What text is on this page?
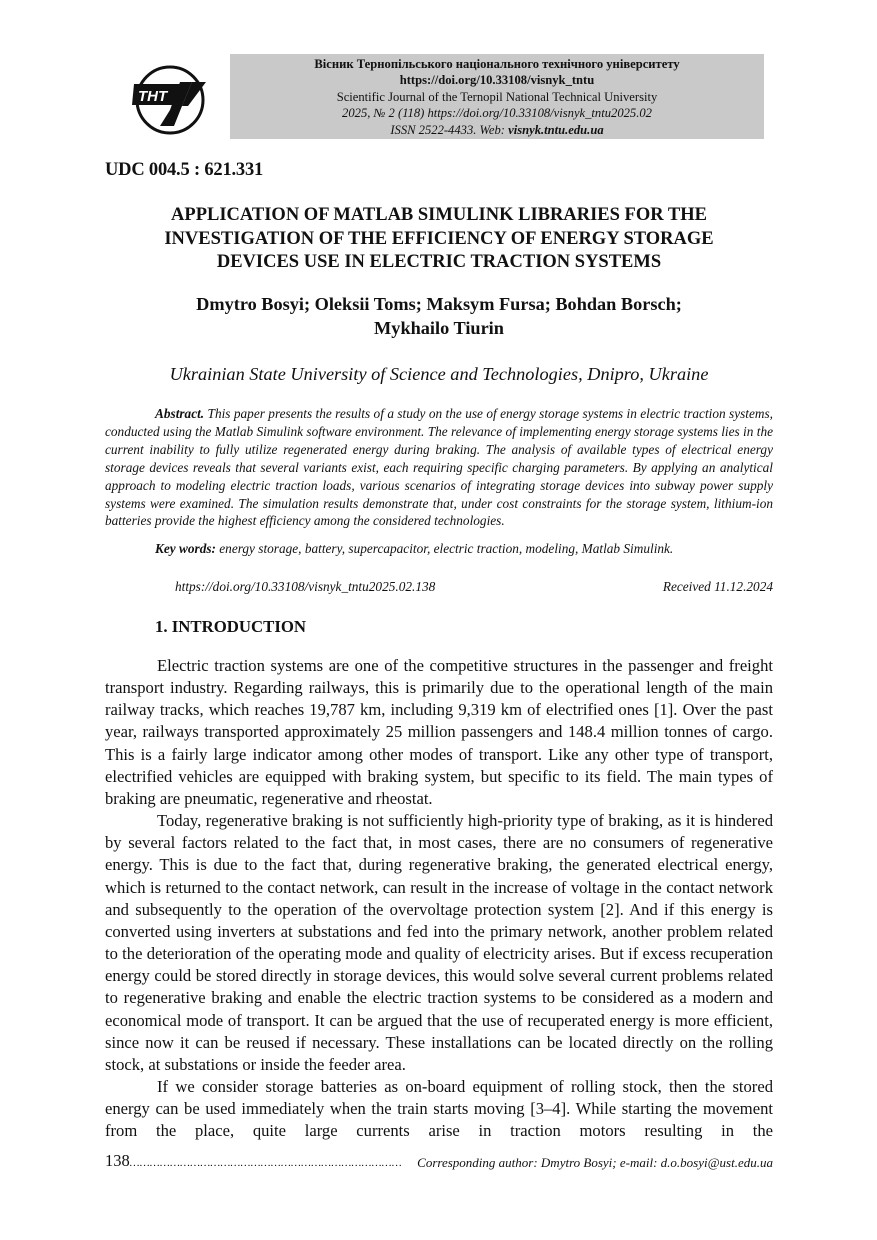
THT
Вісник Тернопільського національного технічного університету
https://doi.org/10.33108/visnyk_tntu
Scientific Journal of the Ternopil National Technical University
2025, № 2 (118) https://doi.org/10.33108/visnyk_tntu2025.02
ISSN 2522-4433. Web: visnyk.tntu.edu.ua
UDC 004.5 : 621.331
APPLICATION OF MATLAB SIMULINK LIBRARIES FOR THE
INVESTIGATION OF THE EFFICIENCY OF ENERGY STORAGE
DEVICES USE IN ELECTRIC TRACTION SYSTEMS
Dmytro Bosyi; Oleksii Toms; Maksym Fursa; Bohdan Borsch;
Mykhailo Tiurin
Ukrainian State University of Science and Technologies, Dnipro, Ukraine
Abstract. This paper presents the results of a study on the use of energy storage systems in electric traction systems, conducted using the Matlab Simulink software environment. The relevance of implementing energy storage systems lies in the current inability to fully utilize regenerated energy during braking. The analysis of available types of electrical energy storage devices reveals that several variants exist, each requiring specific charging parameters. By applying an analytical approach to modeling electric traction loads, various scenarios of integrating storage devices into subway power supply systems were examined. The simulation results demonstrate that, under cost constraints for the storage system, lithium-ion batteries provide the highest efficiency among the considered technologies.
Key words: energy storage, battery, supercapacitor, electric traction, modeling, Matlab Simulink.
https://doi.org/10.33108/visnyk_tntu2025.02.138	Received 11.12.2024
1. INTRODUCTION

Electric traction systems are one of the competitive structures in the passenger and freight transport industry. Regarding railways, this is primarily due to the operational length of the main railway tracks, which reaches 19,787 km, including 9,319 km of electrified ones [1]. Over the past year, railways transported approximately 25 million passengers and 148.4 million tonnes of cargo. This is a fairly large indicator among other modes of transport. Like any other type of transport, electrified vehicles are equipped with braking system, but specific to its field. The main types of braking are pneumatic, regenerative and rheostat.

Today, regenerative braking is not sufficiently high-priority type of braking, as it is hindered by several factors related to the fact that, in most cases, there are no consumers of regenerative energy. This is due to the fact that, during regenerative braking, the generated electrical energy, which is returned to the contact network, can result in the increase of voltage in the contact network and subsequently to the operation of the overvoltage protection system [2]. And if this energy is converted using inverters at substations and fed into the primary network, another problem related to the deterioration of the operating mode and quality of electricity arises. But if excess recuperation energy could be stored directly in storage devices, this would solve several current problems related to regenerative braking and enable the electric traction systems to be considered as a modern and economical mode of transport. It can be argued that the use of recuperated energy is more efficient, since now it can be reused if necessary. These installations can be located directly on the rolling stock, at substations or inside the feeder area.

If we consider storage batteries as on-board equipment of rolling stock, then the stored energy can be used immediately when the train starts moving [3–4]. While starting the movement from the place, quite large currents arise in traction motors resulting in the

138……………………………………………………………………… Corresponding author: Dmytro Bosyi; e-mail: d.o.bosyi@ust.edu.ua
